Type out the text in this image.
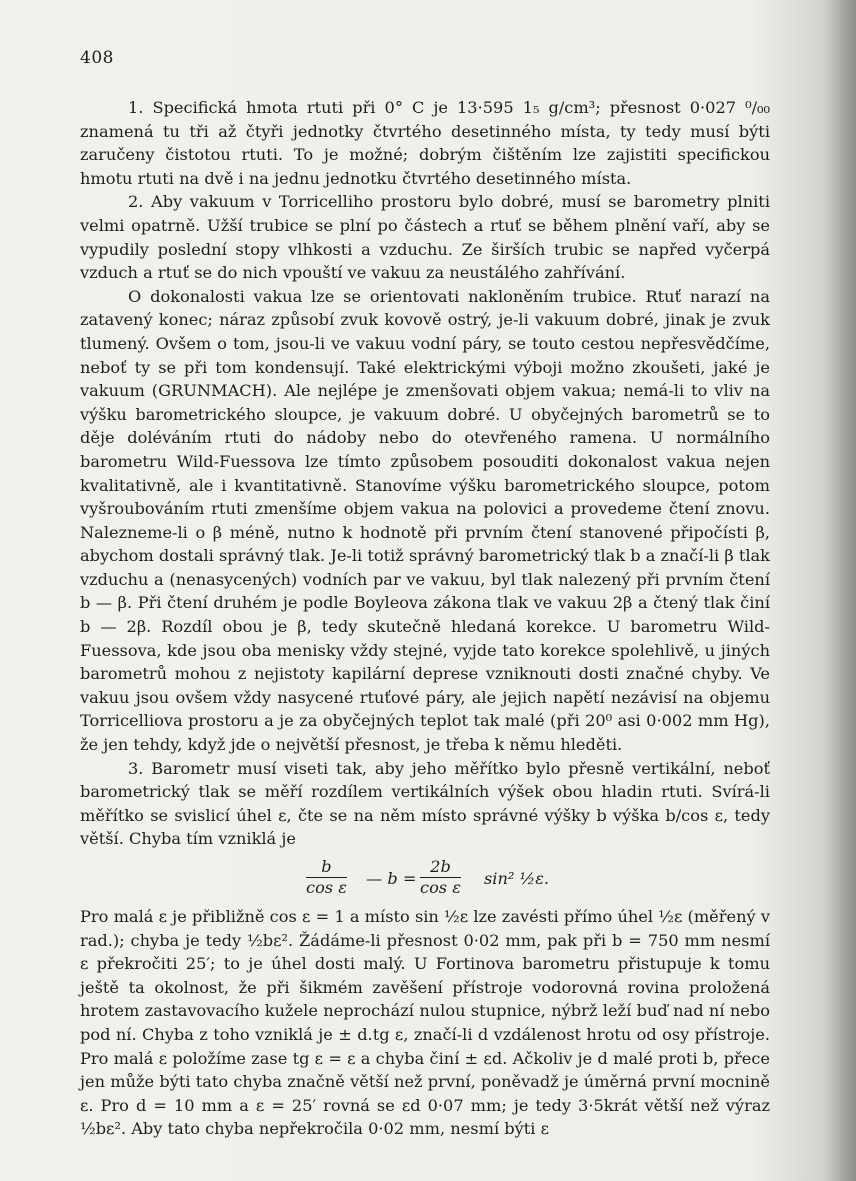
408

1. Specifická hmota rtuti při 0° C je 13·595 1₅ g/cm³; přesnost 0·027 ⁰/₀₀ znamená tu tři až čtyři jednotky čtvrtého desetinného místa, ty tedy musí býti zaručeny čistotou rtuti. To je možné; dobrým čištěním lze zajistiti specifickou hmotu rtuti na dvě i na jednu jednotku čtvrtého desetinného místa.

2. Aby vakuum v Torricelliho prostoru bylo dobré, musí se barometry plniti velmi opatrně. Užší trubice se plní po částech a rtuť se během plnění vaří, aby se vypudily poslední stopy vlhkosti a vzduchu. Ze širších trubic se napřed vyčerpá vzduch a rtuť se do nich vpouští ve vakuu za neustálého zahřívání.

O dokonalosti vakua lze se orientovati nakloněním trubice. Rtuť narazí na zatavený konec; náraz způsobí zvuk kovově ostrý, je-li vakuum dobré, jinak je zvuk tlumený. Ovšem o tom, jsou-li ve vakuu vodní páry, se touto cestou nepřesvědčíme, neboť ty se při tom kondensují. Také elektrickými výboji možno zkoušeti, jaké je vakuum (GRUNMACH). Ale nejlépe je zmenšovati objem vakua; nemá-li to vliv na výšku barometrického sloupce, je vakuum dobré. U obyčejných barometrů se to děje doléváním rtuti do nádoby nebo do otevřeného ramena. U normálního barometru Wild-Fuessova lze tímto způsobem posouditi dokonalost vakua nejen kvalitativně, ale i kvantitativně. Stanovíme výšku barometrického sloupce, potom vyšroubováním rtuti zmenšíme objem vakua na polovici a provedeme čtení znovu. Nalezneme-li o β méně, nutno k hodnotě při prvním čtení stanovené připočísti β, abychom dostali správný tlak. Je-li totiž správný barometrický tlak b a značí-li β tlak vzduchu a (nenasycených) vodních par ve vakuu, byl tlak nalezený při prvním čtení b — β. Při čtení druhém je podle Boyleova zákona tlak ve vakuu 2β a čtený tlak činí b — 2β. Rozdíl obou je β, tedy skutečně hledaná korekce. U barometru Wild-Fuessova, kde jsou oba menisky vždy stejné, vyjde tato korekce spolehlivě, u jiných barometrů mohou z nejistoty kapilární deprese vzniknouti dosti značné chyby. Ve vakuu jsou ovšem vždy nasycené rtuťové páry, ale jejich napětí nezávisí na objemu Torricelliova prostoru a je za obyčejných teplot tak malé (při 20⁰ asi 0·002 mm Hg), že jen tehdy, když jde o největší přesnost, je třeba k němu hleděti.

3. Barometr musí viseti tak, aby jeho měřítko bylo přesně vertikální, neboť barometrický tlak se měří rozdílem vertikálních výšek obou hladin rtuti. Svírá-li měřítko se svislicí úhel ε, čte se na něm místo správné výšky b výška b/cos ε, tedy větší. Chyba tím vzniklá je

$\frac{b}{\text{cos ε}}$ — $b = \frac{2b}{\text{cos ε}} \sin^2$ ½ε.

Pro malá ε je přibližně cos ε = 1 a místo sin ½ε lze zavésti přímo úhel ½ε (měřený v rad.); chyba je tedy ½bε². Žádáme-li přesnost 0·02 mm, pak při b = 750 mm nesmí ε překročiti 25′; to je úhel dosti malý. U Fortinova barometru přistupuje k tomu ještě ta okolnost, že při šikmém zavěšení přístroje vodorovná rovina proložená hrotem zastavovacího kužele neprochází nulou stupnice, nýbrž leží buď nad ní nebo pod ní. Chyba z toho vzniklá je ± d.tg ε, značí-li d vzdálenost hrotu od osy přístroje. Pro malá ε položíme zase tg ε = ε a chyba činí ± εd. Ačkoliv je d malé proti b, přece jen může býti tato chyba značně větší než první, poněvadž je úměrná první mocnině ε. Pro d = 10 mm a ε = 25′ rovná se εd 0·07 mm; je tedy 3·5krát větší než výraz ½bε². Aby tato chyba nepřekročila 0·02 mm, nesmí býti ε
